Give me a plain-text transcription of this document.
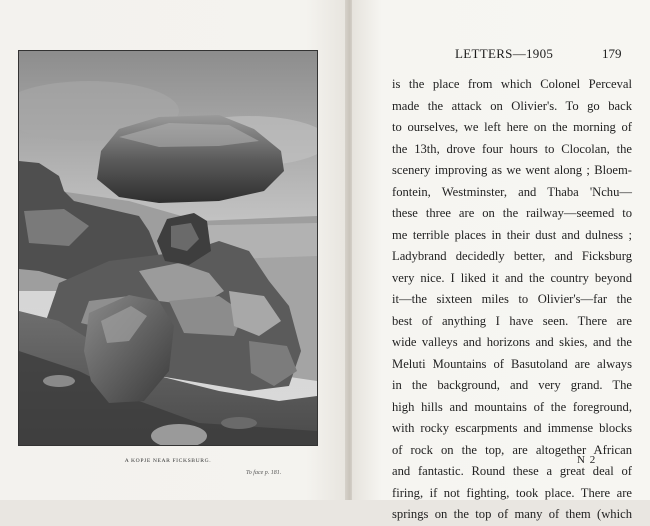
A KOPJE NEAR FICKSBURG.
To face p. 181.
LETTERS—1905	179
is the place from which Colonel Perceval
made the attack on Olivier's. To go back
to ourselves, we left here on the morning of
the 13th, drove four hours to Clocolan, the
scenery improving as we went along ; Bloem-
fontein, Westminster, and Thaba 'Nchu—
these three are on the railway—seemed to
me terrible places in their dust and dulness ;
Ladybrand decidedly better, and Ficksburg
very nice. I liked it and the country beyond
it—the sixteen miles to Olivier's—far the
best of anything I have seen. There are
wide valleys and horizons and skies, and the
Meluti Mountains of Basutoland are always
in the background, and very grand. The
high hills and mountains of the foreground,
with rocky escarpments and immense blocks
of rock on the top, are altogether African
and fantastic. Round these a great deal of
firing, if not fighting, took place. There are
springs on the top of many of them (which
N 2
